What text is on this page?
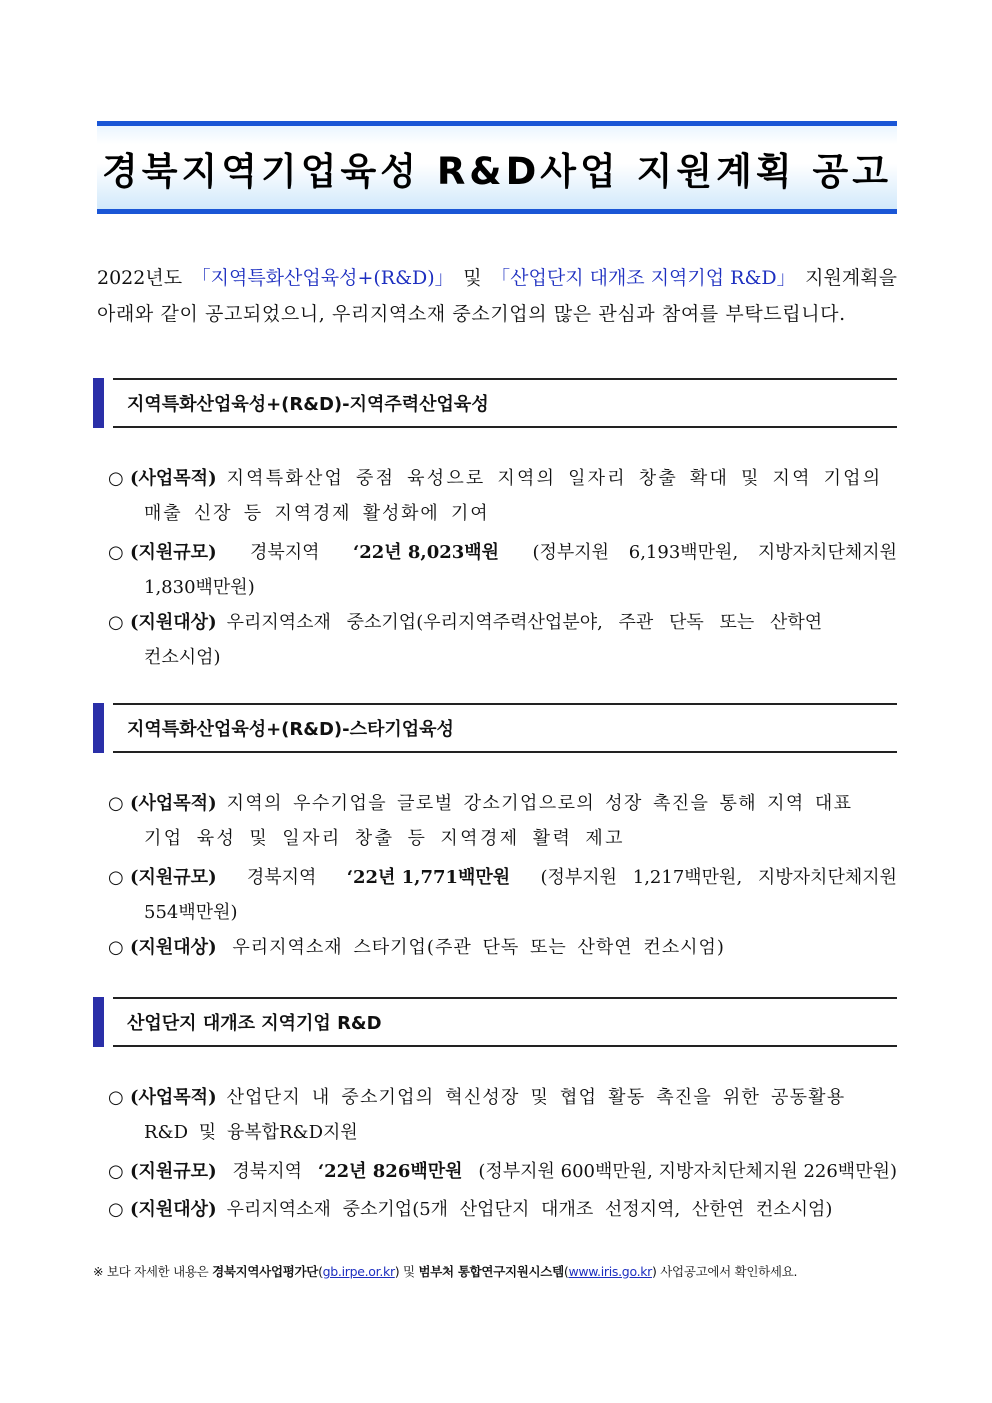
경북지역기업육성 R&D사업 지원계획 공고
2022년도 「지역특화산업육성+(R&D)」 및 「산업단지 대개조 지역기업 R&D」 지원계획을
아래와 같이 공고되었으니, 우리지역소재 중소기업의 많은 관심과 참여를 부탁드립니다.
지역특화산업육성+(R&D)-지역주력산업육성
○ (사업목적) 지역특화산업 중점 육성으로 지역의 일자리 창출 확대 및 지역 기업의
매출 신장 등 지역경제 활성화에 기여
○ (지원규모) 경북지역 ‘22년 8,023백원 (정부지원 6,193백만원, 지방자치단체지원
1,830백만원)
○ (지원대상) 우리지역소재 중소기업(우리지역주력산업분야, 주관 단독 또는 산학연
컨소시엄)
지역특화산업육성+(R&D)-스타기업육성
○ (사업목적) 지역의 우수기업을 글로벌 강소기업으로의 성장 촉진을 통해 지역 대표
기업 육성 및 일자리 창출 등 지역경제 활력 제고
○ (지원규모) 경북지역 ‘22년 1,771백만원 (정부지원 1,217백만원, 지방자치단체지원
554백만원)
○ (지원대상) 우리지역소재 스타기업(주관 단독 또는 산학연 컨소시엄)
산업단지 대개조 지역기업 R&D
○ (사업목적) 산업단지 내 중소기업의 혁신성장 및 협업 활동 촉진을 위한 공동활용
R&D 및 융복합R&D지원
○ (지원규모) 경북지역 ‘22년 826백만원 (정부지원 600백만원, 지방자치단체지원 226백만원)
○ (지원대상) 우리지역소재 중소기업(5개 산업단지 대개조 선정지역, 산한연 컨소시엄)
※ 보다 자세한 내용은 경북지역사업평가단(gb.irpe.or.kr) 및 범부처 통합연구지원시스템(www.iris.go.kr) 사업공고에서 확인하세요.
